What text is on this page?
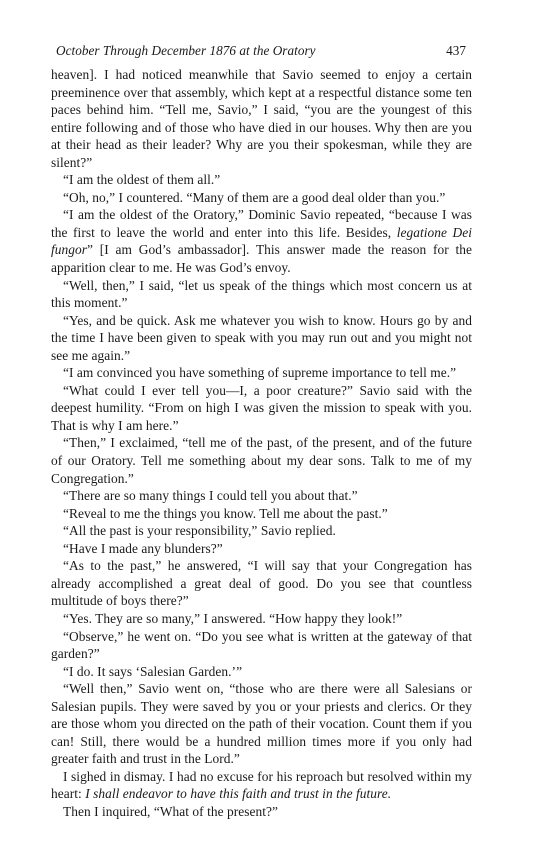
October Through December 1876 at the Oratory	437

heaven]. I had noticed meanwhile that Savio seemed to enjoy a certain preeminence over that assembly, which kept at a respectful distance some ten paces behind him. “Tell me, Savio,” I said, “you are the youngest of this entire following and of those who have died in our houses. Why then are you at their head as their leader? Why are you their spokesman, while they are silent?”

“I am the oldest of them all.”

“Oh, no,” I countered. “Many of them are a good deal older than you.”

“I am the oldest of the Oratory,” Dominic Savio repeated, “because I was the first to leave the world and enter into this life. Besides, legatione Dei fungor” [I am God’s ambassador]. This answer made the reason for the apparition clear to me. He was God’s envoy.

“Well, then,” I said, “let us speak of the things which most concern us at this moment.”

“Yes, and be quick. Ask me whatever you wish to know. Hours go by and the time I have been given to speak with you may run out and you might not see me again.”

“I am convinced you have something of supreme importance to tell me.”

“What could I ever tell you—I, a poor creature?” Savio said with the deepest humility. “From on high I was given the mission to speak with you. That is why I am here.”

“Then,” I exclaimed, “tell me of the past, of the present, and of the future of our Oratory. Tell me something about my dear sons. Talk to me of my Congregation.”

“There are so many things I could tell you about that.”

“Reveal to me the things you know. Tell me about the past.”

“All the past is your responsibility,” Savio replied.

“Have I made any blunders?”

“As to the past,” he answered, “I will say that your Congregation has already accomplished a great deal of good. Do you see that countless multitude of boys there?”

“Yes. They are so many,” I answered. “How happy they look!”

“Observe,” he went on. “Do you see what is written at the gateway of that garden?”

“I do. It says ‘Salesian Garden.’”

“Well then,” Savio went on, “those who are there were all Salesians or Salesian pupils. They were saved by you or your priests and clerics. Or they are those whom you directed on the path of their vocation. Count them if you can! Still, there would be a hundred million times more if you only had greater faith and trust in the Lord.”

I sighed in dismay. I had no excuse for his reproach but resolved within my heart: I shall endeavor to have this faith and trust in the future.

Then I inquired, “What of the present?”
